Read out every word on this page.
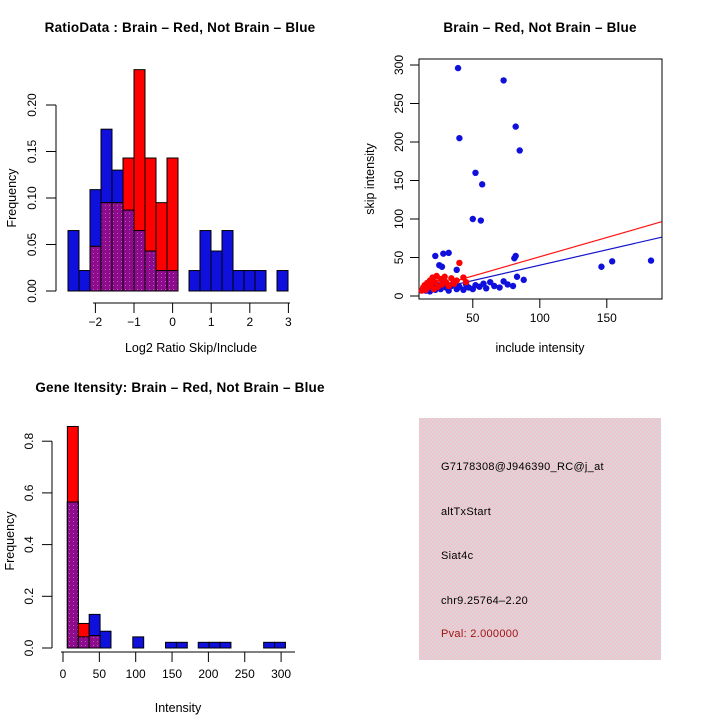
RatioData : Brain – Red, Not Brain – Blue
Frequency
−2 −1 0	1	2	3
0.00
0.05
0.10
0.15
0.20
Log2 Ratio Skip/Include
Brain – Red, Not Brain – Blue
skip intensity
50	100	150
0
50
100
150
200
250
300
include intensity
Gene Itensity: Brain – Red, Not Brain – Blue
Frequency
0 50 100 150 200 250 300
0.0
0.2
0.4
0.6
0.8
Intensity
G7178308@J946390_RC@j_at
altTxStart
Siat4c
chr9.25764–2.20
Pval: 2.000000
